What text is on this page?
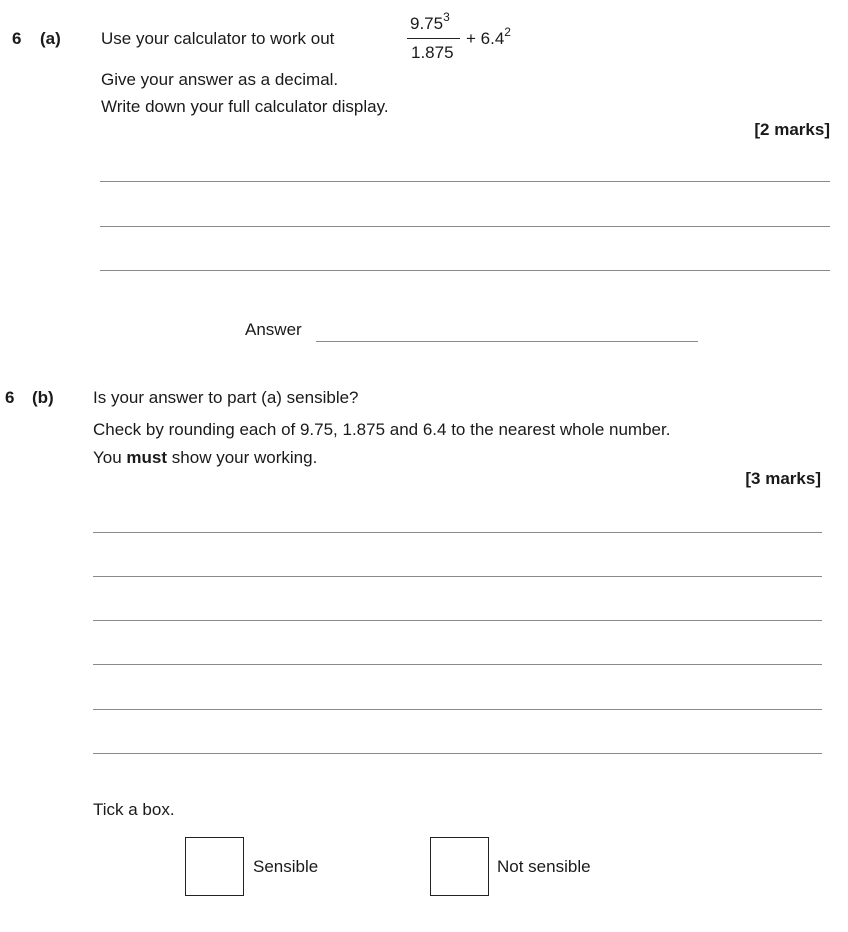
6 (a) Use your calculator to work out
9.75$^3$
1.875
+ $6.4^2$
Give your answer as a decimal.
Write down your full calculator display.
[2 marks]
Answer
6 (b) Is your answer to part (a) sensible?
Check by rounding each of 9.75, 1.875 and 6.4 to the nearest whole number.
You must show your working.
[3 marks]
Tick a box.
Sensible	Not sensible
